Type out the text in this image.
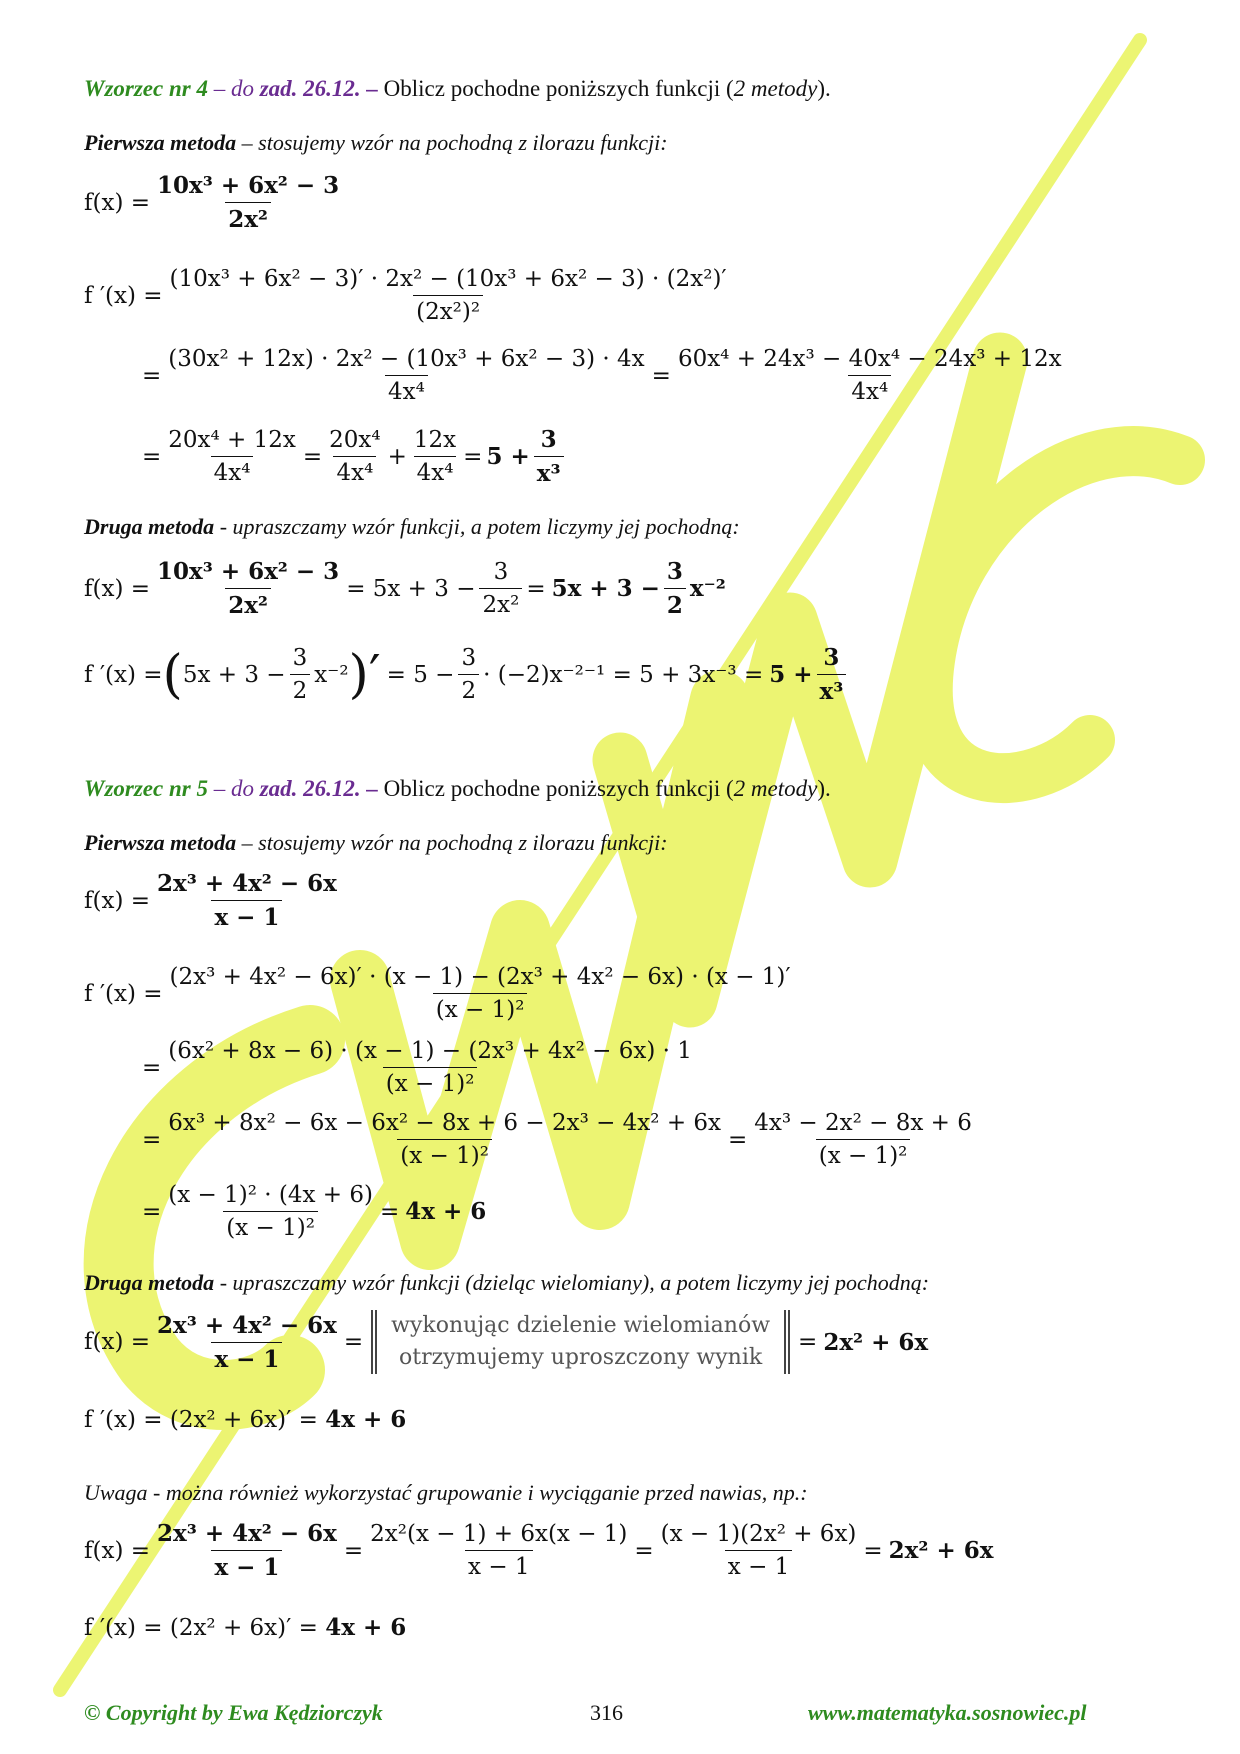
Wzorzec nr 4 – do zad. 26.12. – Oblicz pochodne poniższych funkcji (2 metody).
Pierwsza metoda – stosujemy wzór na pochodną z ilorazu funkcji:
$f(x) = \frac{\text{10x³ + 6x² − 3}}{\text{2x²}}$
f $'(x) = \frac{\text{(10x³ + 6x² − 3)′ · 2x² − (10x³ + 6x² − 3) · (2x²)′}}{\text{(2x²)²}}$
= $\frac{\text{(30x² + 12x) · 2x² − (10x³ + 6x² − 3) · 4x}}{\text{4x⁴}} = \frac{\text{60x⁴ + 24x³ − 40x⁴ − 24x³ + 12x}}{\text{4x⁴}}$
= $\frac{\text{20x⁴ + 12x}}{\text{4x⁴}} = \frac{\text{20x⁴}}{\text{4x⁴}} + \frac{12x}{\text{4x⁴}} = 5 + \frac{3}{\text{x³}}$
Druga metoda - upraszczamy wzór funkcji, a potem liczymy jej pochodną:
$f(x) = \frac{\text{10x³ + 6x² − 3}}{\text{2x²}} = 5x + 3 - \frac{3}{\text{2x²}} = 5x + 3 - \frac{3}{2} x^{-2}$
f ′(x) = ( $5x + 3 - \frac{3}{2} x^{-2}$ )′ = $5 - \frac{3}{2} \cdot (-2)x^{-2-1} = 5 + 3x^{-3} = 5 + \frac{3}{\text{x³}}$
Wzorzec nr 5 – do zad. 26.12. – Oblicz pochodne poniższych funkcji (2 metody).
Pierwsza metoda – stosujemy wzór na pochodną z ilorazu funkcji:
$f(x) = \frac{\text{2x³ + 4x² − 6x}}{x - 1}$
f $'(x) = \frac{\text{(2x³ + 4x² − 6x)′ · (x − 1) − (2x³ + 4x² − 6x) · (x − 1)′}}{\text{(x − 1)²}}$
= $\frac{\text{(6x² + 8x − 6) · (x − 1) − (2x³ + 4x² − 6x) · 1}}{\text{(x − 1)²}}$
= $\frac{\text{6x³ + 8x² − 6x − 6x² − 8x + 6 − 2x³ − 4x² + 6x}}{\text{(x − 1)²}} = \frac{\text{4x³ − 2x² − 8x + 6}}{\text{(x − 1)²}}$
= $\frac{\text{(x − 1)² · (4x + 6)}}{\text{(x − 1)²}} = 4x + 6$
Druga metoda - upraszczamy wzór funkcji (dzieląc wielomiany), a potem liczymy jej pochodną:
$f(x) = \frac{\text{2x³ + 4x² − 6x}}{x - 1}$ =
wykonując dzielenie wielomianów
otrzymujemy uproszczony wynik
= 2x² + 6x
f ′(x) = (2x² + 6x)′ = 4x + 6
Uwaga - można również wykorzystać grupowanie i wyciąganie przed nawias, np.:
$f(x) = \frac{\text{2x³ + 4x² − 6x}}{x - 1} = \frac{\text{2x²(x − 1) + 6x(x − 1)}}{x - 1} = \frac{\text{(x − 1)(2x² + 6x)}}{x - 1} = 2x^2 + 6x$
f ′(x) = (2x² + 6x)′ = 4x + 6
© Copyright by Ewa Kędziorczyk	316	www.matematyka.sosnowiec.pl
